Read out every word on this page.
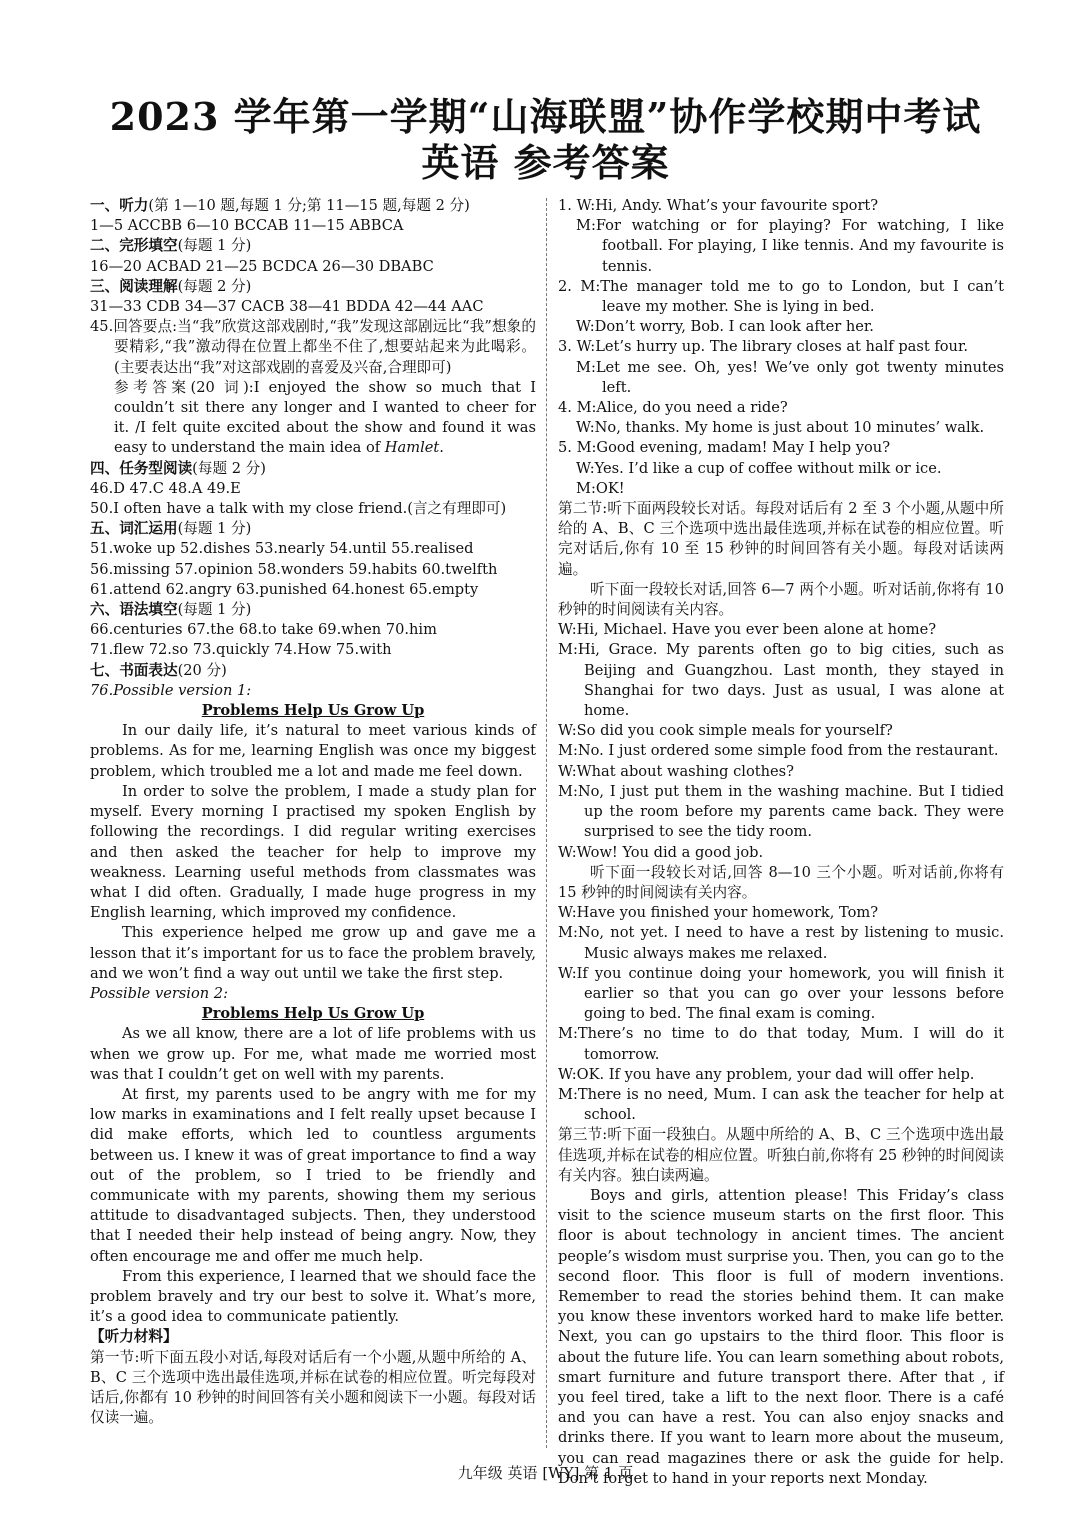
2023 学年第一学期“山海联盟”协作学校期中考试
英语 参考答案

一、听力(第 1—10 题,每题 1 分;第 11—15 题,每题 2 分)

1—5 ACCBB 6—10 BCCAB 11—15 ABBCA

二、完形填空(每题 1 分)

16—20 ACBAD 21—25 BCDCA 26—30 DBABC

三、阅读理解(每题 2 分)

31—33 CDB 34—37 CACB 38—41 BDDA 42—44 AAC

45.回答要点:当“我”欣赏这部戏剧时,“我”发现这部剧远比“我”想象的要精彩,“我”激动得在位置上都坐不住了,想要站起来为此喝彩。(主要表达出“我”对这部戏剧的喜爱及兴奋,合理即可)

参考答案(20 词):I enjoyed the show so much that I couldn’t sit there any longer and I wanted to cheer for it. /I felt quite excited about the show and found it was easy to understand the main idea of Hamlet.

四、任务型阅读(每题 2 分)

46.D 47.C 48.A 49.E

50.I often have a talk with my close friend.(言之有理即可)

五、词汇运用(每题 1 分)

51.woke up 52.dishes 53.nearly 54.until 55.realised

56.missing 57.opinion 58.wonders 59.habits 60.twelfth

61.attend 62.angry 63.punished 64.honest 65.empty

六、语法填空(每题 1 分)

66.centuries 67.the 68.to take 69.when 70.him

71.flew 72.so 73.quickly 74.How 75.with

七、书面表达(20 分)

76.Possible version 1:

Problems Help Us Grow Up

In our daily life, it’s natural to meet various kinds of problems. As for me, learning English was once my biggest problem, which troubled me a lot and made me feel down.

In order to solve the problem, I made a study plan for myself. Every morning I practised my spoken English by following the recordings. I did regular writing exercises and then asked the teacher for help to improve my weakness. Learning useful methods from classmates was what I did often. Gradually, I made huge progress in my English learning, which improved my confidence.

This experience helped me grow up and gave me a lesson that it’s important for us to face the problem bravely, and we won’t find a way out until we take the first step.

Possible version 2:

Problems Help Us Grow Up

As we all know, there are a lot of life problems with us when we grow up. For me, what made me worried most was that I couldn’t get on well with my parents.

At first, my parents used to be angry with me for my low marks in examinations and I felt really upset because I did make efforts, which led to countless arguments between us. I knew it was of great importance to find a way out of the problem, so I tried to be friendly and communicate with my parents, showing them my serious attitude to disadvantaged subjects. Then, they understood that I needed their help instead of being angry. Now, they often encourage me and offer me much help.

From this experience, I learned that we should face the problem bravely and try our best to solve it. What’s more, it’s a good idea to communicate patiently.

【听力材料】

第一节:听下面五段小对话,每段对话后有一个小题,从题中所给的 A、B、C 三个选项中选出最佳选项,并标在试卷的相应位置。听完每段对话后,你都有 10 秒钟的时间回答有关小题和阅读下一小题。每段对话仅读一遍。

1. W:Hi, Andy. What’s your favourite sport?

M:For watching or for playing? For watching, I like football. For playing, I like tennis. And my favourite is tennis.

2. M:The manager told me to go to London, but I can’t leave my mother. She is lying in bed.

W:Don’t worry, Bob. I can look after her.

3. W:Let’s hurry up. The library closes at half past four.

M:Let me see. Oh, yes! We’ve only got twenty minutes left.

4. M:Alice, do you need a ride?

W:No, thanks. My home is just about 10 minutes’ walk.

5. M:Good evening, madam! May I help you?

W:Yes. I’d like a cup of coffee without milk or ice.

M:OK!

第二节:听下面两段较长对话。每段对话后有 2 至 3 个小题,从题中所给的 A、B、C 三个选项中选出最佳选项,并标在试卷的相应位置。听完对话后,你有 10 至 15 秒钟的时间回答有关小题。每段对话读两遍。

听下面一段较长对话,回答 6—7 两个小题。听对话前,你将有 10 秒钟的时间阅读有关内容。

W:Hi, Michael. Have you ever been alone at home?

M:Hi, Grace. My parents often go to big cities, such as Beijing and Guangzhou. Last month, they stayed in Shanghai for two days. Just as usual, I was alone at home.

W:So did you cook simple meals for yourself?

M:No. I just ordered some simple food from the restaurant.

W:What about washing clothes?

M:No, I just put them in the washing machine. But I tidied up the room before my parents came back. They were surprised to see the tidy room.

W:Wow! You did a good job.

听下面一段较长对话,回答 8—10 三个小题。听对话前,你将有 15 秒钟的时间阅读有关内容。

W:Have you finished your homework, Tom?

M:No, not yet. I need to have a rest by listening to music. Music always makes me relaxed.

W:If you continue doing your homework, you will finish it earlier so that you can go over your lessons before going to bed. The final exam is coming.

M:There’s no time to do that today, Mum. I will do it tomorrow.

W:OK. If you have any problem, your dad will offer help.

M:There is no need, Mum. I can ask the teacher for help at school.

第三节:听下面一段独白。从题中所给的 A、B、C 三个选项中选出最佳选项,并标在试卷的相应位置。听独白前,你将有 25 秒钟的时间阅读有关内容。独白读两遍。

Boys and girls, attention please! This Friday’s class visit to the science museum starts on the first floor. This floor is about technology in ancient times. The ancient people’s wisdom must surprise you. Then, you can go to the second floor. This floor is full of modern inventions. Remember to read the stories behind them. It can make you know these inventors worked hard to make life better. Next, you can go upstairs to the third floor. This floor is about the future life. You can learn something about robots, smart furniture and future transport there. After that , if you feel tired, take a lift to the next floor. There is a café and you can have a rest. You can also enjoy snacks and drinks there. If you want to learn more about the museum, you can read magazines there or ask the guide for help. Don’t forget to hand in your reports next Monday.

九年级 英语 [WY] 第 1 页
